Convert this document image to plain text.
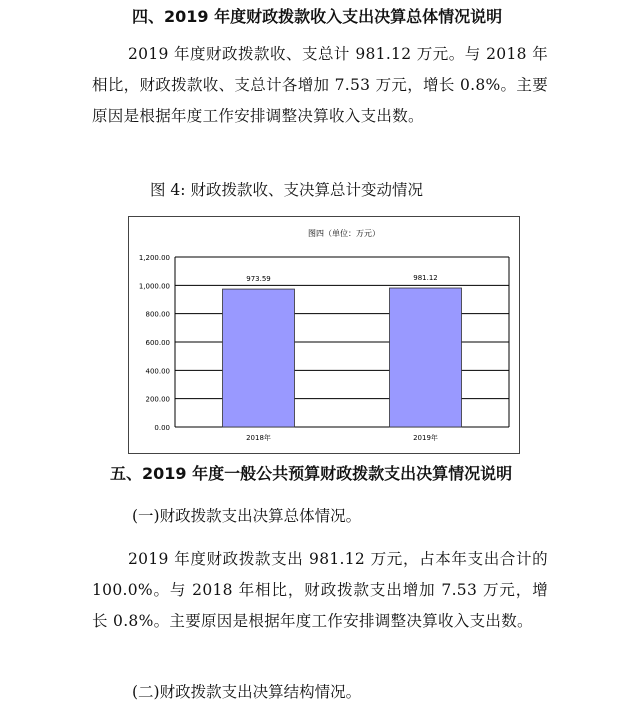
四、2019 年度财政拨款收入支出决算总体情况说明

2019 年度财政拨款收、支总计 981.12 万元。与 2018 年相比，财政拨款收、支总计各增加 7.53 万元，增长 0.8%。主要原因是根据年度工作安排调整决算收入支出数。

图 4: 财政拨款收、支决算总计变动情况
图四（单位：万元）
0.00
200.00
400.00
600.00
800.00
1,000.00
1,200.00
973.59	981.12
2018年	2019年
五、2019 年度一般公共预算财政拨款支出决算情况说明
(一)财政拨款支出决算总体情况。

2019 年度财政拨款支出 981.12 万元，占本年支出合计的 100.0%。与 2018 年相比，财政拨款支出增加 7.53 万元，增长 0.8%。主要原因是根据年度工作安排调整决算收入支出数。

(二)财政拨款支出决算结构情况。
